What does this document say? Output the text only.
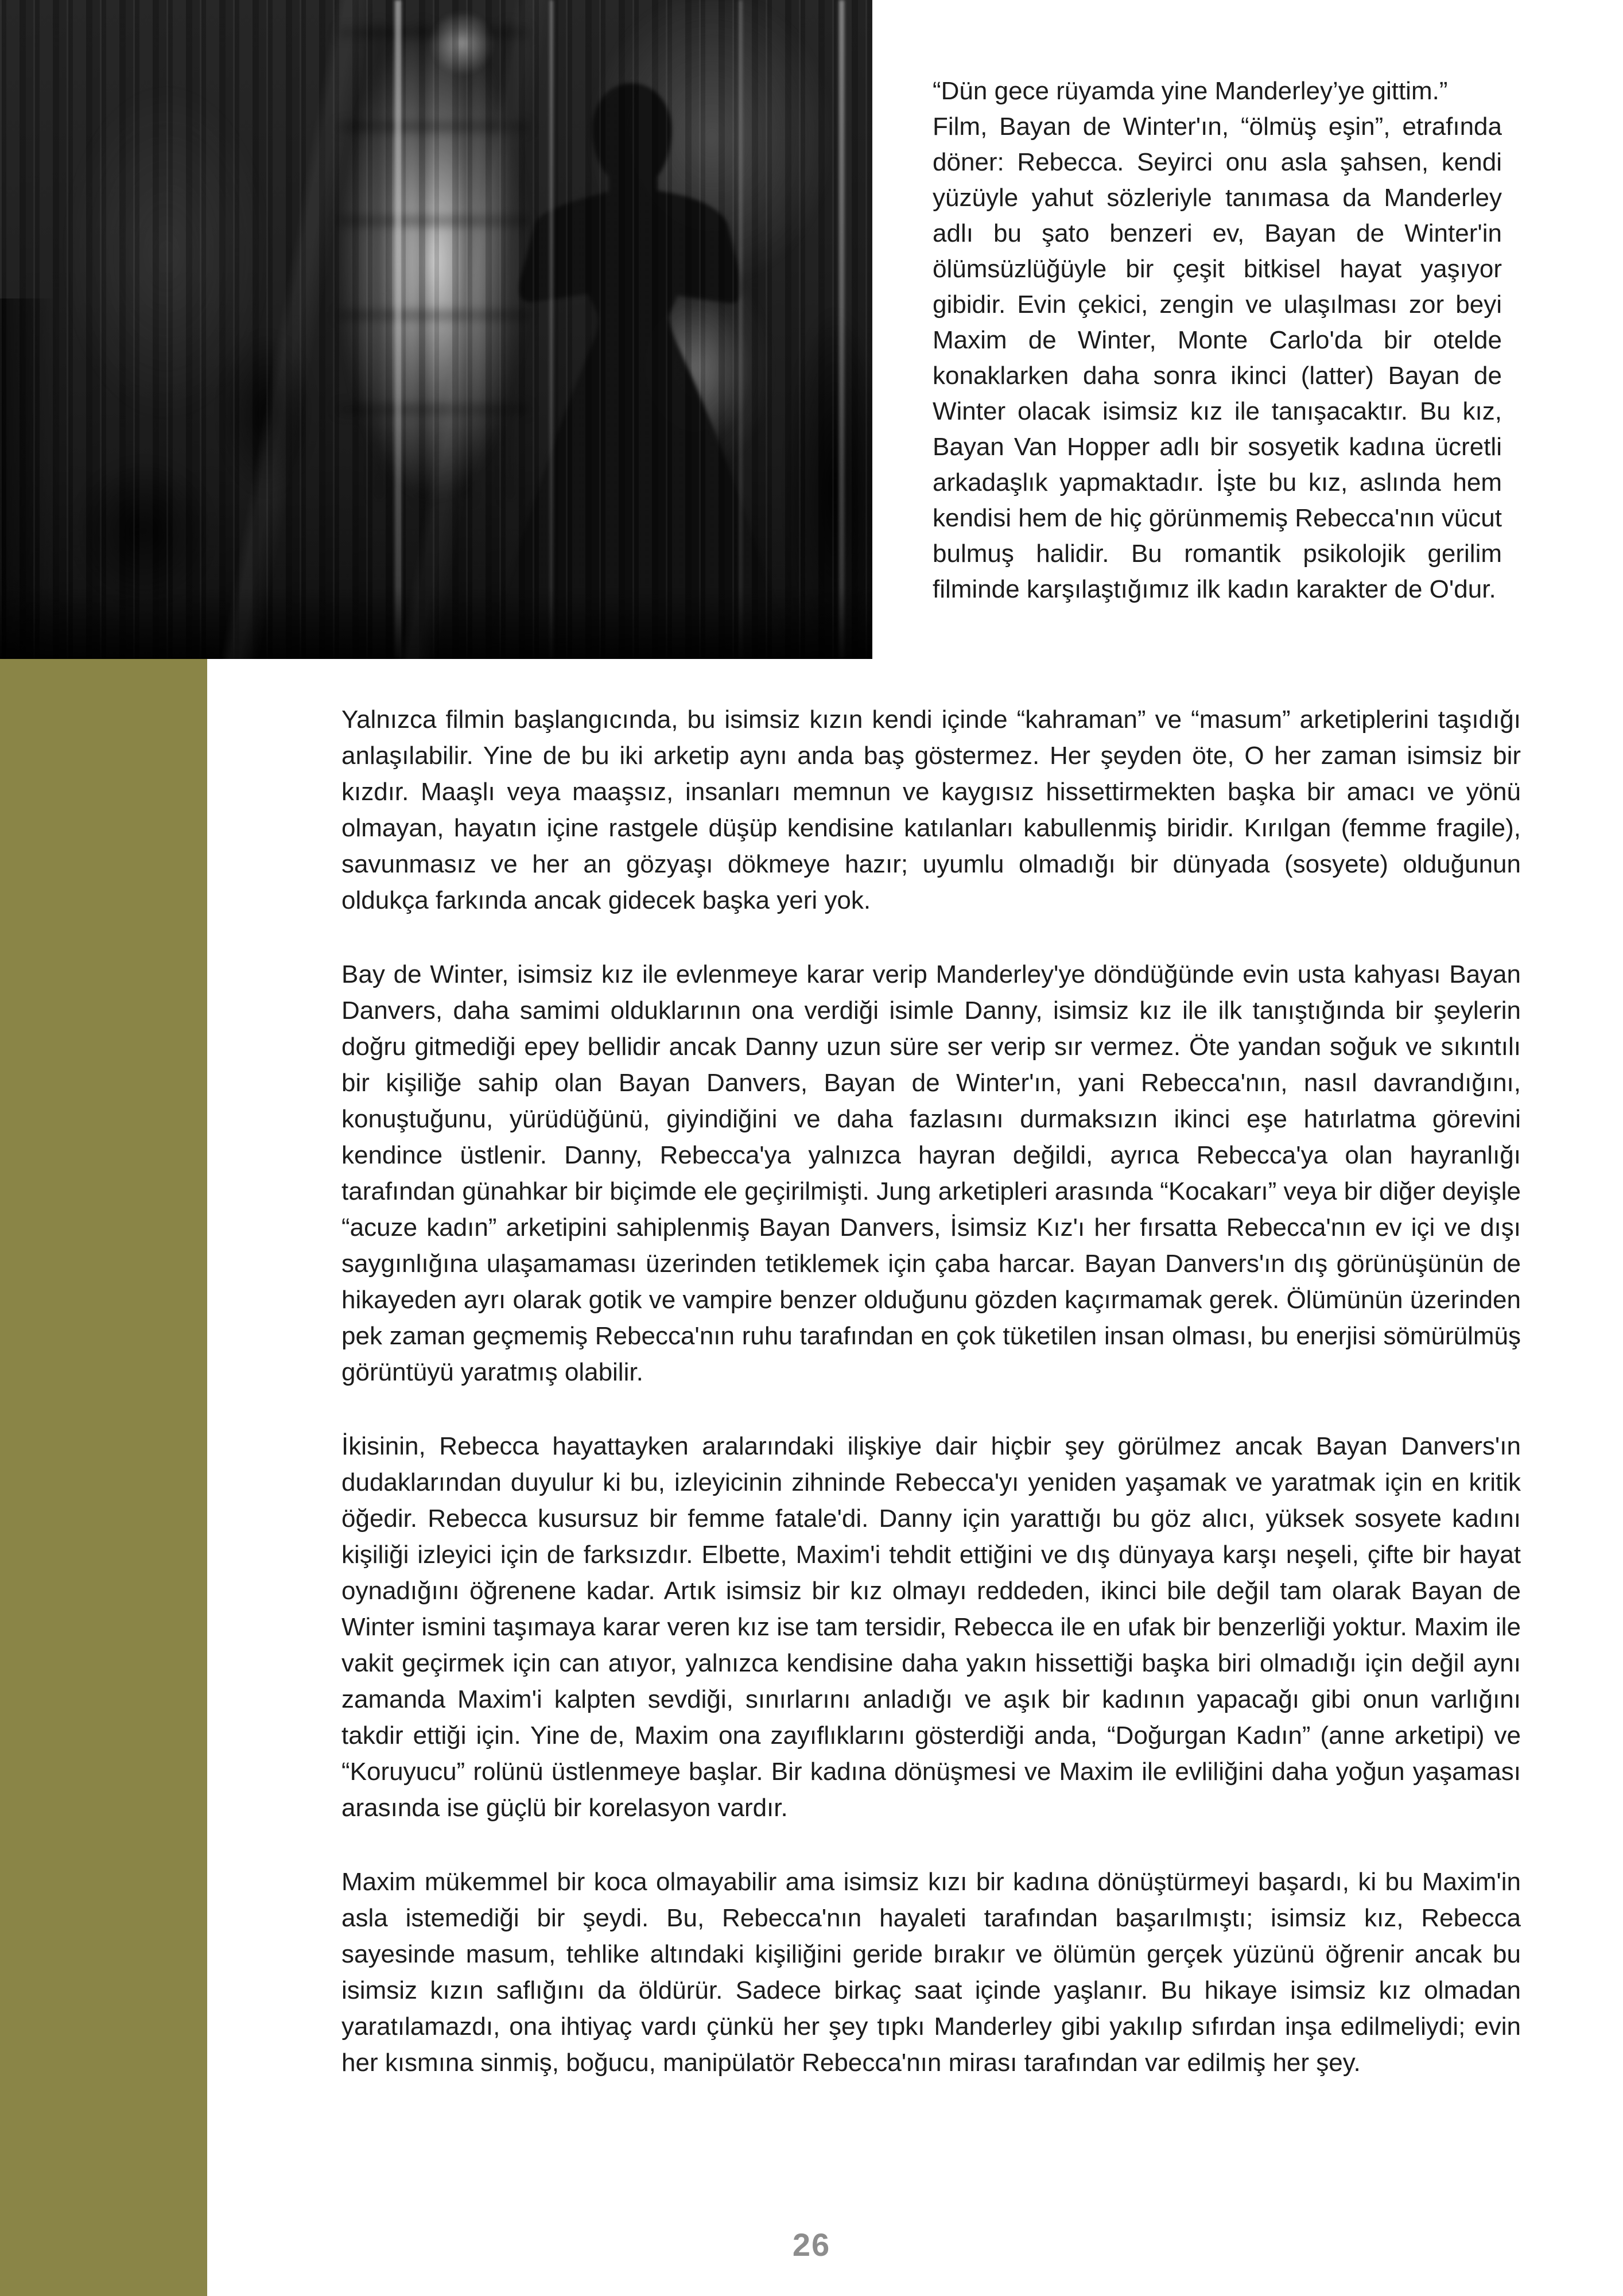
“Dün gece rüyamda yine Manderley’ye gittim.”

Film, Bayan de Winter'ın, “ölmüş eşin”, etrafında döner: Rebecca. Seyirci onu asla şahsen, kendi yüzüyle yahut sözleriyle tanımasa da Manderley adlı bu şato benzeri ev, Bayan de Winter'in ölümsüzlüğüyle bir çeşit bitkisel hayat yaşıyor gibidir. Evin çekici, zengin ve ulaşılması zor beyi Maxim de Winter, Monte Carlo'da bir otelde konaklarken daha sonra ikinci (latter) Bayan de Winter olacak isimsiz kız ile tanışacaktır. Bu kız, Bayan Van Hopper adlı bir sosyetik kadına ücretli arkadaşlık yapmaktadır. İşte bu kız, aslında hem kendisi hem de hiç görünmemiş Rebecca'nın vücut bulmuş halidir. Bu romantik psikolojik gerilim filminde karşılaştığımız ilk kadın karakter de O'dur.

Yalnızca filmin başlangıcında, bu isimsiz kızın kendi içinde “kahraman” ve “masum” arketiplerini taşıdığı anlaşılabilir. Yine de bu iki arketip aynı anda baş göstermez. Her şeyden öte, O her zaman isimsiz bir kızdır. Maaşlı veya maaşsız, insanları memnun ve kaygısız hissettirmekten başka bir amacı ve yönü olmayan, hayatın içine rastgele düşüp kendisine katılanları kabullenmiş biridir. Kırılgan (femme fragile), savunmasız ve her an gözyaşı dökmeye hazır; uyumlu olmadığı bir dünyada (sosyete) olduğunun oldukça farkında ancak gidecek başka yeri yok.

Bay de Winter, isimsiz kız ile evlenmeye karar verip Manderley'ye döndüğünde evin usta kahyası Bayan Danvers, daha samimi olduklarının ona verdiği isimle Danny, isimsiz kız ile ilk tanıştığında bir şeylerin doğru gitmediği epey bellidir ancak Danny uzun süre ser verip sır vermez. Öte yandan soğuk ve sıkıntılı bir kişiliğe sahip olan Bayan Danvers, Bayan de Winter'ın, yani Rebecca'nın, nasıl davrandığını, konuştuğunu, yürüdüğünü, giyindiğini ve daha fazlasını durmaksızın ikinci eşe hatırlatma görevini kendince üstlenir. Danny, Rebecca'ya yalnızca hayran değildi, ayrıca Rebecca'ya olan hayranlığı tarafından günahkar bir biçimde ele geçirilmişti. Jung arketipleri arasında “Kocakarı” veya bir diğer deyişle “acuze kadın” arketipini sahiplenmiş Bayan Danvers, İsimsiz Kız'ı her fırsatta Rebecca'nın ev içi ve dışı saygınlığına ulaşamaması üzerinden tetiklemek için çaba harcar. Bayan Danvers'ın dış görünüşünün de hikayeden ayrı olarak gotik ve vampire benzer olduğunu gözden kaçırmamak gerek. Ölümünün üzerinden pek zaman geçmemiş Rebecca'nın ruhu tarafından en çok tüketilen insan olması, bu enerjisi sömürülmüş görüntüyü yaratmış olabilir.

İkisinin, Rebecca hayattayken aralarındaki ilişkiye dair hiçbir şey görülmez ancak Bayan Danvers'ın dudaklarından duyulur ki bu, izleyicinin zihninde Rebecca'yı yeniden yaşamak ve yaratmak için en kritik öğedir. Rebecca kusursuz bir femme fatale'di. Danny için yarattığı bu göz alıcı, yüksek sosyete kadını kişiliği izleyici için de farksızdır. Elbette, Maxim'i tehdit ettiğini ve dış dünyaya karşı neşeli, çifte bir hayat oynadığını öğrenene kadar. Artık isimsiz bir kız olmayı reddeden, ikinci bile değil tam olarak Bayan de Winter ismini taşımaya karar veren kız ise tam tersidir, Rebecca ile en ufak bir benzerliği yoktur. Maxim ile vakit geçirmek için can atıyor, yalnızca kendisine daha yakın hissettiği başka biri olmadığı için değil aynı zamanda Maxim'i kalpten sevdiği, sınırlarını anladığı ve aşık bir kadının yapacağı gibi onun varlığını takdir ettiği için. Yine de, Maxim ona zayıflıklarını gösterdiği anda, “Doğurgan Kadın” (anne arketipi) ve “Koruyucu” rolünü üstlenmeye başlar. Bir kadına dönüşmesi ve Maxim ile evliliğini daha yoğun yaşaması arasında ise güçlü bir korelasyon vardır.

Maxim mükemmel bir koca olmayabilir ama isimsiz kızı bir kadına dönüştürmeyi başardı, ki bu Maxim'in asla istemediği bir şeydi. Bu, Rebecca'nın hayaleti tarafından başarılmıştı; isimsiz kız, Rebecca sayesinde masum, tehlike altındaki kişiliğini geride bırakır ve ölümün gerçek yüzünü öğrenir ancak bu isimsiz kızın saflığını da öldürür. Sadece birkaç saat içinde yaşlanır. Bu hikaye isimsiz kız olmadan yaratılamazdı, ona ihtiyaç vardı çünkü her şey tıpkı Manderley gibi yakılıp sıfırdan inşa edilmeliydi; evin her kısmına sinmiş, boğucu, manipülatör Rebecca'nın mirası tarafından var edilmiş her şey.

26
